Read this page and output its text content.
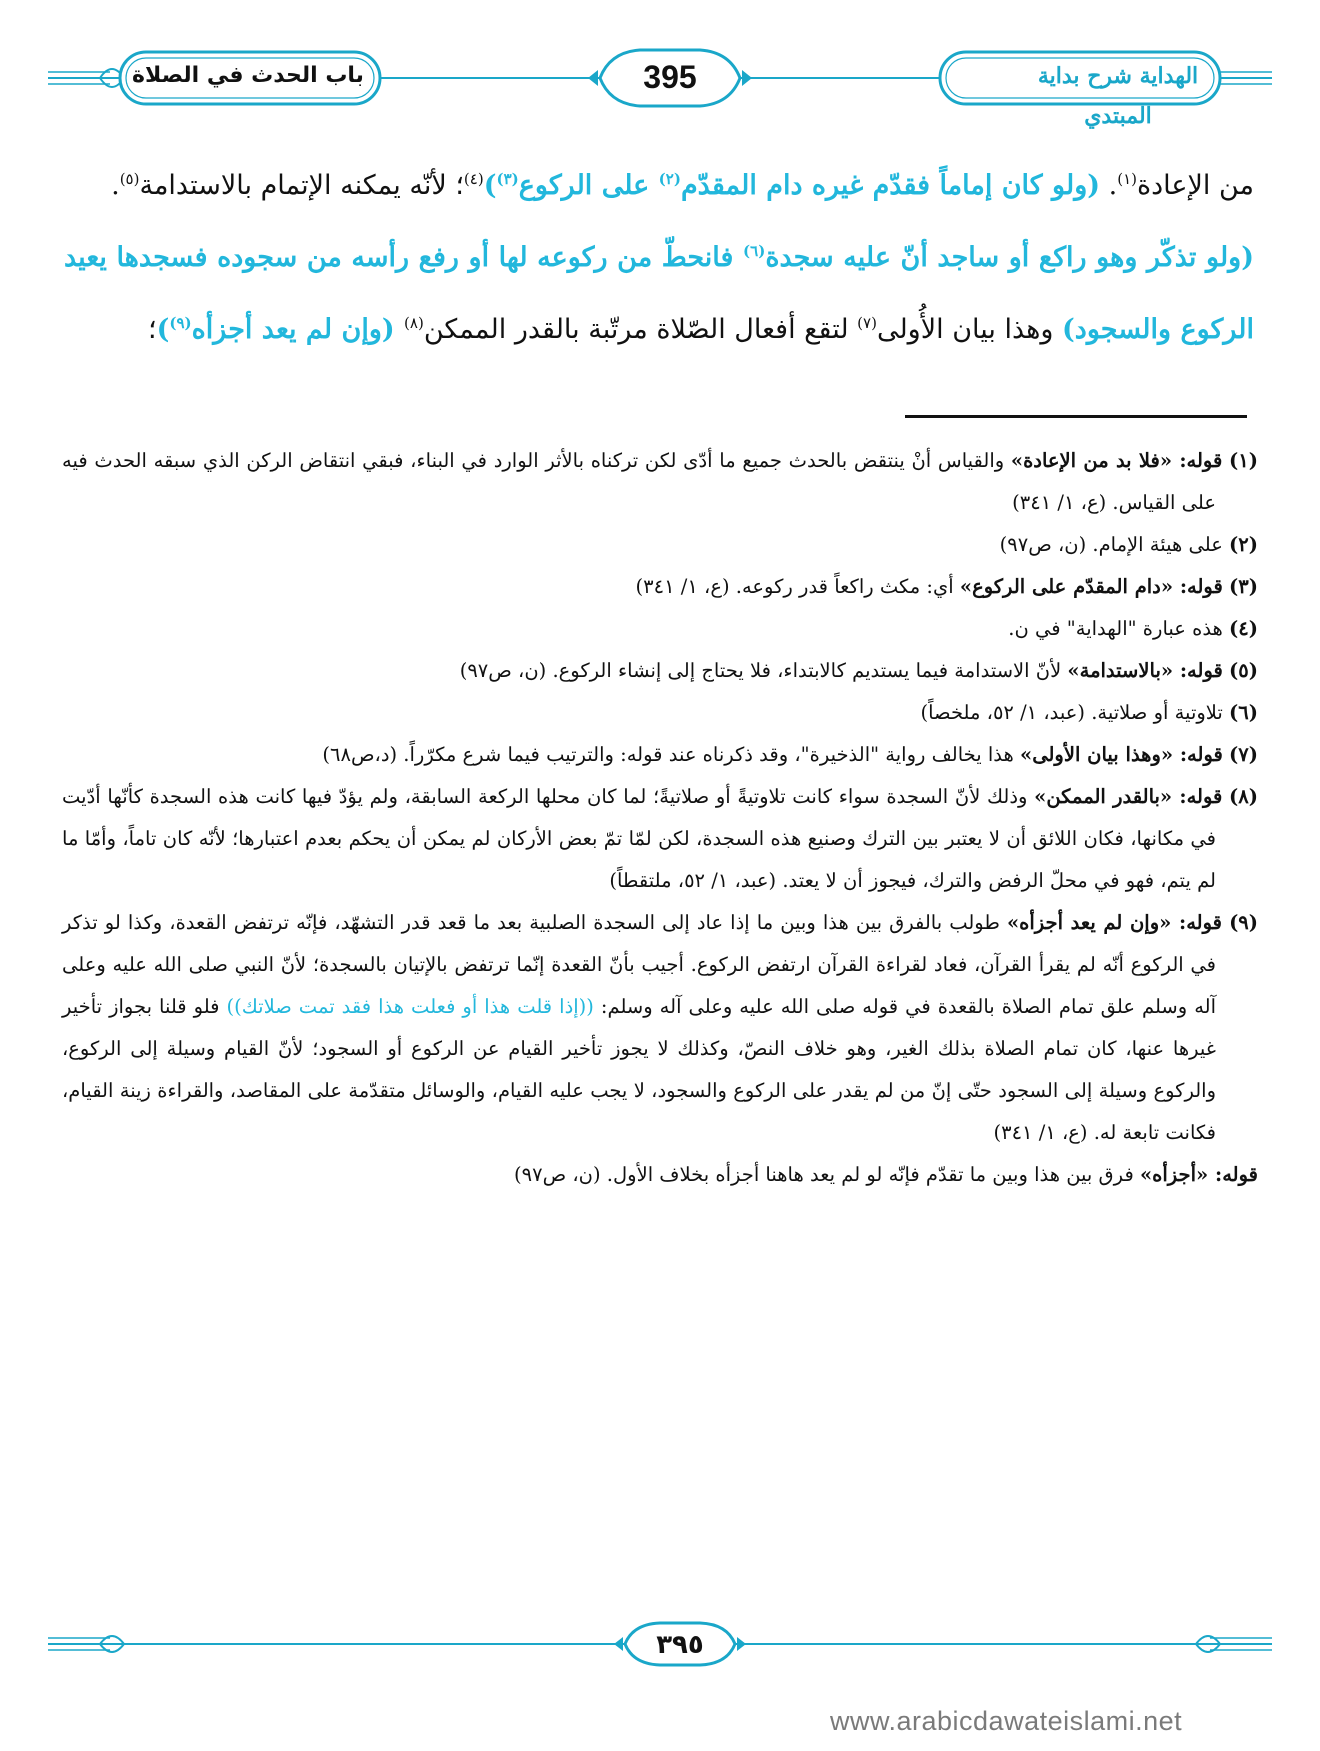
باب الحدث في الصلاة	395	الهداية شرح بداية المبتدي

من الإعادة$^{(١)}$. (ولو كان إماماً فقدّم غيره دام المقدّم$^{(٢)}$ على الركوع$^{(٣)}$)$^{(٤)}$؛ لأنّه يمكنه الإتمام بالاستدامة$^{(٥)}$.

(ولو تذكّر وهو راكع أو ساجد أنّ عليه سجدة$^{(٦)}$ فانحطّ من ركوعه لها أو رفع رأسه من سجوده فسجدها يعيد الركوع والسجود) وهذا بيان الأُولى$^{(٧)}$ لتقع أفعال الصّلاة مرتّبة بالقدر الممكن$^{(٨)}$ (وإن لم يعد أجزأه$^{(٩)}$)؛

(١) قوله: «فلا بد من الإعادة» والقياس أنْ ينتقض بالحدث جميع ما أدّى لكن تركناه بالأثر الوارد في البناء، فبقي انتقاض الركن الذي سبقه الحدث فيه على القياس. (ع، ١/ ٣٤١)

(٢) على هيئة الإمام. (ن، ص٩٧)

(٣) قوله: «دام المقدّم على الركوع» أي: مكث راكعاً قدر ركوعه. (ع، ١/ ٣٤١)

(٤) هذه عبارة "الهداية" في ن.

(٥) قوله: «بالاستدامة» لأنّ الاستدامة فيما يستديم كالابتداء، فلا يحتاج إلى إنشاء الركوع. (ن، ص٩٧)

(٦) تلاوتية أو صلاتية. (عبد، ١/ ٥٢، ملخصاً)

(٧) قوله: «وهذا بيان الأولى» هذا يخالف رواية "الذخيرة"، وقد ذكرناه عند قوله: والترتيب فيما شرع مكرّراً. (د،ص٦٨)

(٨) قوله: «بالقدر الممكن» وذلك لأنّ السجدة سواء كانت تلاوتيةً أو صلاتيةً؛ لما كان محلها الركعة السابقة، ولم يؤدّ فيها كانت هذه السجدة كأنّها أدّيت في مكانها، فكان اللائق أن لا يعتبر بين الترك وصنيع هذه السجدة، لكن لمّا تمّ بعض الأركان لم يمكن أن يحكم بعدم اعتبارها؛ لأنّه كان تاماً، وأمّا ما لم يتم، فهو في محلّ الرفض والترك، فيجوز أن لا يعتد. (عبد، ١/ ٥٢، ملتقطاً)

(٩) قوله: «وإن لم يعد أجزأه» طولب بالفرق بين هذا وبين ما إذا عاد إلى السجدة الصلبية بعد ما قعد قدر التشهّد، فإنّه ترتفض القعدة، وكذا لو تذكر في الركوع أنّه لم يقرأ القرآن، فعاد لقراءة القرآن ارتفض الركوع. أجيب بأنّ القعدة إنّما ترتفض بالإتيان بالسجدة؛ لأنّ النبي صلى الله عليه وعلى آله وسلم علق تمام الصلاة بالقعدة في قوله صلى الله عليه وعلى آله وسلم: ((إذا قلت هذا أو فعلت هذا فقد تمت صلاتك)) فلو قلنا بجواز تأخير غيرها عنها، كان تمام الصلاة بذلك الغير، وهو خلاف النصّ، وكذلك لا يجوز تأخير القيام عن الركوع أو السجود؛ لأنّ القيام وسيلة إلى الركوع، والركوع وسيلة إلى السجود حتّى إنّ من لم يقدر على الركوع والسجود، لا يجب عليه القيام، والوسائل متقدّمة على المقاصد، والقراءة زينة القيام، فكانت تابعة له. (ع، ١/ ٣٤١)

قوله: «أجزأه» فرق بين هذا وبين ما تقدّم فإنّه لو لم يعد هاهنا أجزأه بخلاف الأول. (ن، ص٩٧)

٣٩٥
www.arabicdawateislami.net
